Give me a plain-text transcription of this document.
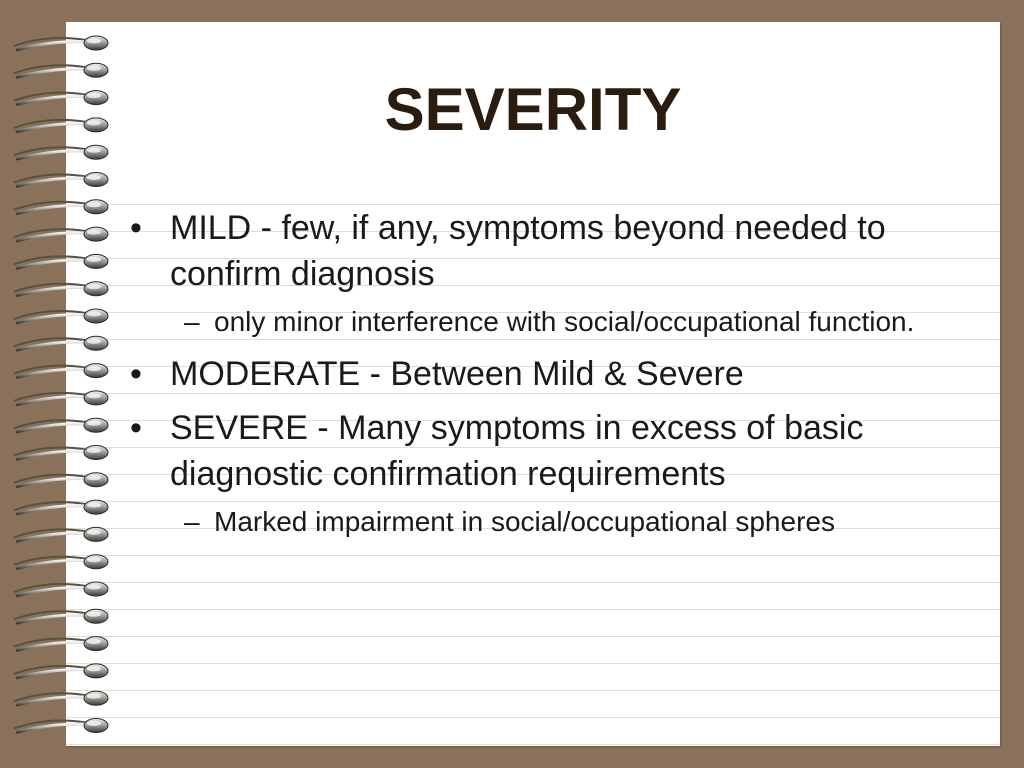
SEVERITY
• MILD - few, if any, symptoms beyond needed to confirm diagnosis
– only minor interference with social/occupational function.
• MODERATE - Between Mild & Severe
• SEVERE - Many symptoms in excess of basic diagnostic confirmation requirements
– Marked impairment in social/occupational spheres
